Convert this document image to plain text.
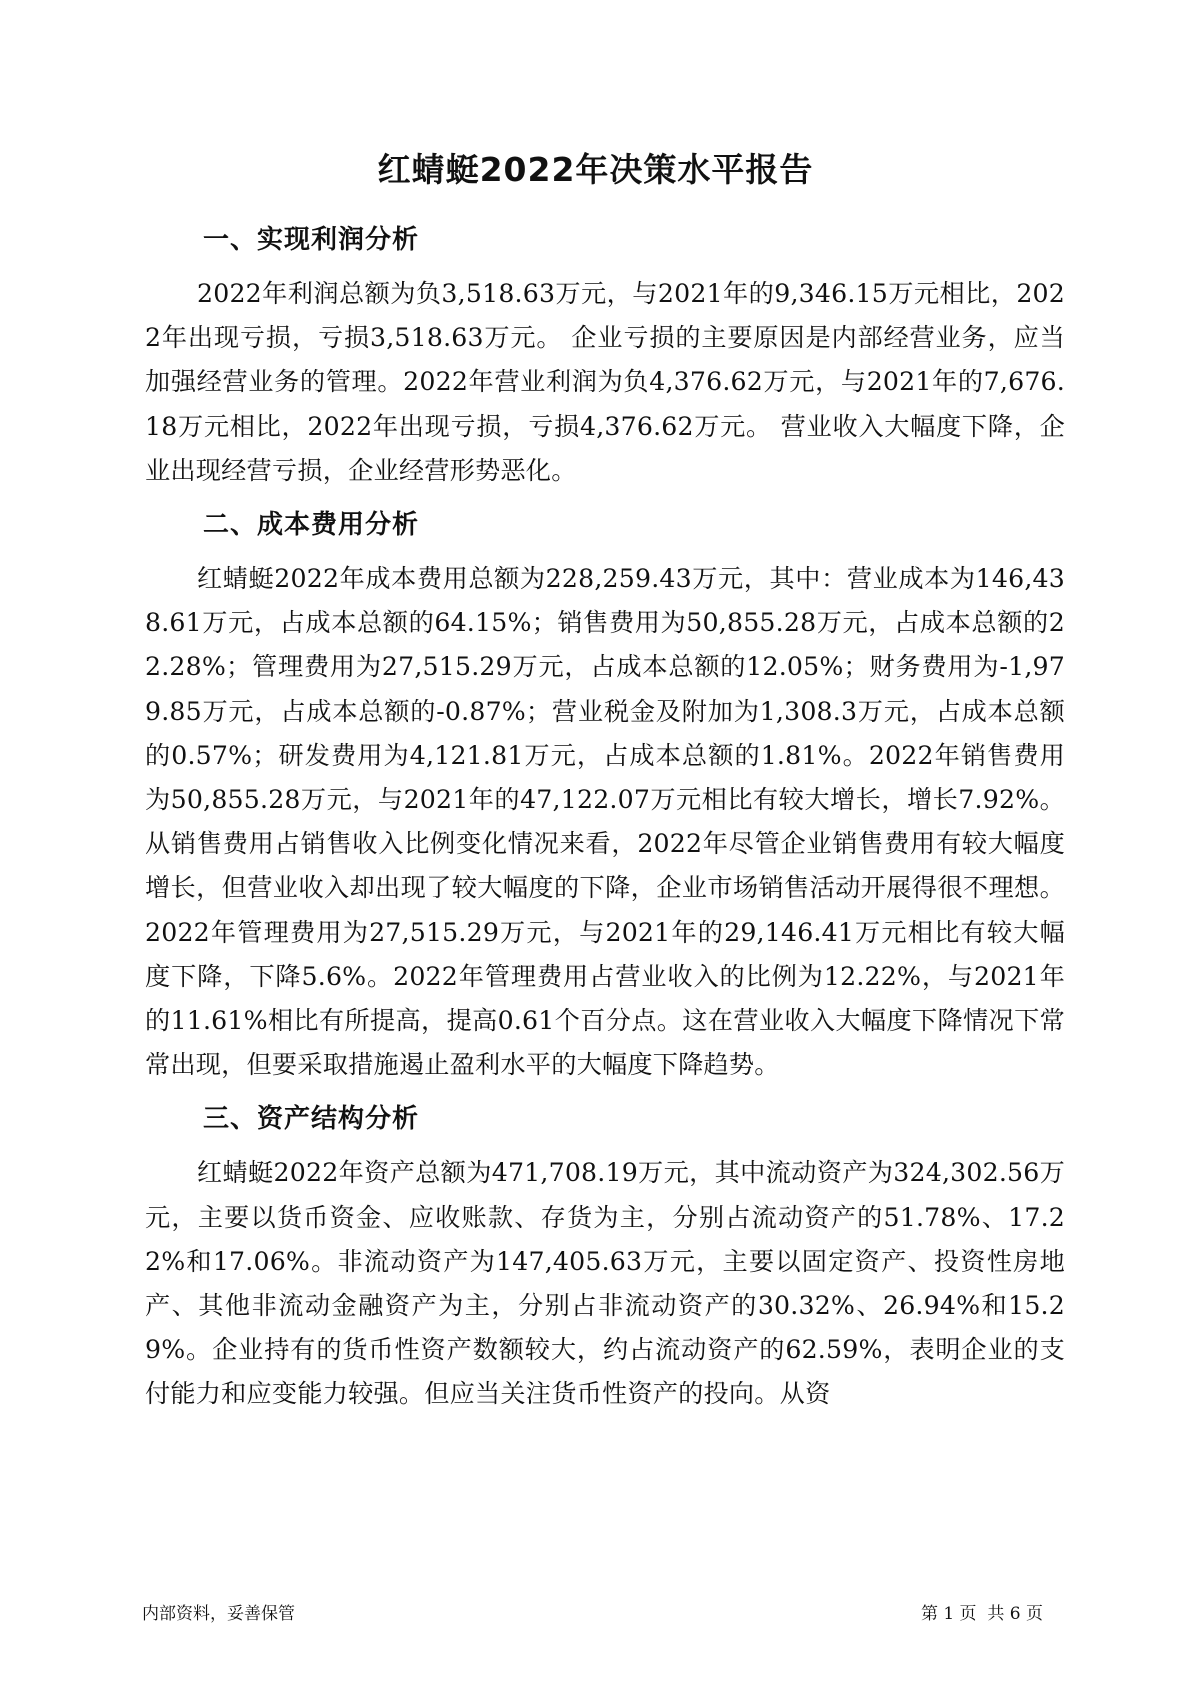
红蜻蜓2022年决策水平报告
一、实现利润分析

2022年利润总额为负3,518.63万元，与2021年的9,346.15万元相比，2022年出现亏损，亏损3,518.63万元。 企业亏损的主要原因是内部经营业务，应当加强经营业务的管理。2022年营业利润为负4,376.62万元，与2021年的7,676.18万元相比，2022年出现亏损，亏损4,376.62万元。 营业收入大幅度下降，企业出现经营亏损，企业经营形势恶化。

二、成本费用分析

红蜻蜓2022年成本费用总额为228,259.43万元，其中：营业成本为146,438.61万元，占成本总额的64.15%；销售费用为50,855.28万元，占成本总额的22.28%；管理费用为27,515.29万元，占成本总额的12.05%；财务费用为-1,979.85万元，占成本总额的-0.87%；营业税金及附加为1,308.3万元，占成本总额的0.57%；研发费用为4,121.81万元，占成本总额的1.81%。2022年销售费用为50,855.28万元，与2021年的47,122.07万元相比有较大增长，增长7.92%。从销售费用占销售收入比例变化情况来看，2022年尽管企业销售费用有较大幅度增长，但营业收入却出现了较大幅度的下降，企业市场销售活动开展得很不理想。2022年管理费用为27,515.29万元，与2021年的29,146.41万元相比有较大幅度下降，下降5.6%。2022年管理费用占营业收入的比例为12.22%，与2021年的11.61%相比有所提高，提高0.61个百分点。这在营业收入大幅度下降情况下常常出现，但要采取措施遏止盈利水平的大幅度下降趋势。

三、资产结构分析

红蜻蜓2022年资产总额为471,708.19万元，其中流动资产为324,302.56万元，主要以货币资金、应收账款、存货为主，分别占流动资产的51.78%、17.22%和17.06%。非流动资产为147,405.63万元，主要以固定资产、投资性房地产、其他非流动金融资产为主，分别占非流动资产的30.32%、26.94%和15.29%。企业持有的货币性资产数额较大，约占流动资产的62.59%，表明企业的支付能力和应变能力较强。但应当关注货币性资产的投向。从资

内部资料，妥善保管	第 1 页  共 6 页
